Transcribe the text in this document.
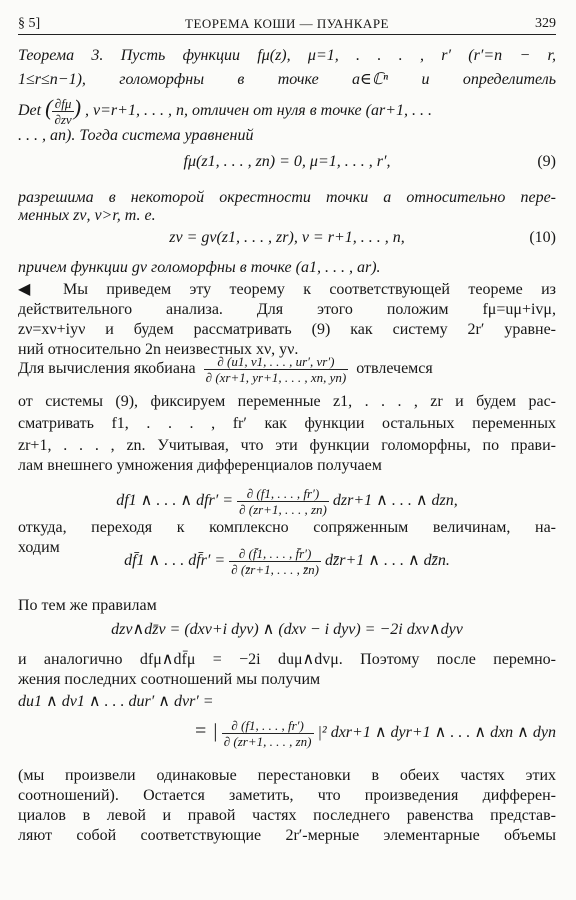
§ 5]	ТЕОРЕМА КОШИ — ПУАНКАРЕ	329
Теорема 3. Пусть функции fμ(z), μ=1, . . . , r′ (r′=n − r,
1≤r≤n−1), голоморфны в точке a∈ℂⁿ и определитель
Det ( $\frac{\partial f\mu}{\partial z\nu}$ ) , ν=r+1, . . . , n, отличен от нуля в точке (ar+1, . . .
. . . , an). Тогда система уравнений
fμ(z1, . . . , zn) = 0, μ=1, . . . , r′,	(9)
разрешима в некоторой окрестности точки a относительно пере-
менных zν, ν>r, т. е.
zν = gν(z1, . . . , zr), ν = r+1, . . . , n,	(10)
причем функции gν голоморфны в точке (a1, . . . , ar).
◀ Мы приведем эту теорему к соответствующей теореме из
действительного анализа. Для этого положим fμ=uμ+ivμ,
zν=xν+iyν и будем рассматривать (9) как систему 2r′ уравне-
ний относительно 2n неизвестных xν, yν.
Для вычисления якобиана $\frac{\partial (u1, v1, . . . , ur', vr')}{\partial (xr+1, yr+1, . . . , xn, yn)}$ отвлечемся
от системы (9), фиксируем переменные z1, . . . , zr и будем рас-
сматривать f1, . . . , fr′ как функции остальных переменных
zr+1, . . . , zn. Учитывая, что эти функции голоморфны, по прави-
лам внешнего умножения дифференциалов получаем
df1 ∧ . . . ∧ $dfr' = \frac{\partial (f1, . . . , fr')}{\partial (zr+1, . . . , zn)} dzr+1$ ∧ . . . ∧ dzn,
откуда, переходя к комплексно сопряженным величинам, на-
ходим
df̄1 ∧ . . . df̄r′ = $\frac{\partial (f̄1, . . . , f̄r')}{\partial (z̄r+1, . . . , z̄n)}$ dz̄r+1 ∧ . . . ∧ dz̄n.
По тем же правилам
dzν∧dz̄ν = (dxν+i dyν) ∧ (dxν − i dyν) = −2i dxν∧dyν
и аналогично dfμ∧df̄μ = −2i duμ∧dvμ. Поэтому после перемно-
жения последних соотношений мы получим
du1 ∧ dv1 ∧ . . . dur′ ∧ dvr′ =
= | $\frac{\partial (f1, . . . , fr')}{\partial (zr+1, . . . , zn)} |^2$ dxr+1 ∧ dyr+1 ∧ . . . ∧ dxn ∧ dyn
(мы произвели одинаковые перестановки в обеих частях этих
соотношений). Остается заметить, что произведения дифферен-
циалов в левой и правой частях последнего равенства представ-
ляют собой соответствующие 2r′-мерные элементарные объемы
